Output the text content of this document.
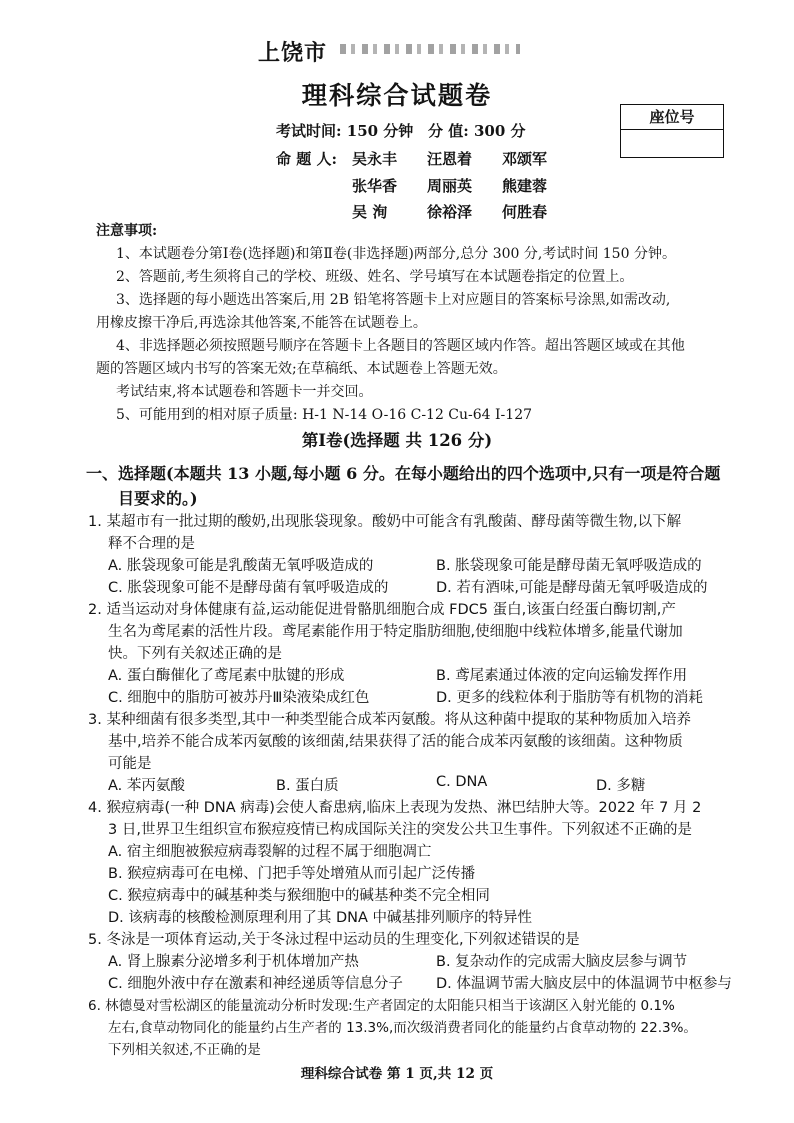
上饶市
理科综合试题卷
座位号
考试时间: 150 分钟 分 值: 300 分
命 题 人: 吴永丰 汪恩着 邓颂军
张华香 周丽英 熊建蓉
吴 洵	徐裕泽 何胜春
注意事项:
1、本试题卷分第Ⅰ卷(选择题)和第Ⅱ卷(非选择题)两部分,总分 300 分,考试时间 150 分钟。
2、答题前,考生须将自己的学校、班级、姓名、学号填写在本试题卷指定的位置上。
3、选择题的每小题选出答案后,用 2B 铅笔将答题卡上对应题目的答案标号涂黑,如需改动,
用橡皮擦干净后,再选涂其他答案,不能答在试题卷上。
4、非选择题必须按照题号顺序在答题卡上各题目的答题区域内作答。超出答题区域或在其他
题的答题区域内书写的答案无效;在草稿纸、本试题卷上答题无效。
考试结束,将本试题卷和答题卡一并交回。
5、可能用到的相对原子质量: H-1 N-14 O-16 C-12 Cu-64 I-127
第I卷(选择题 共 126 分)
一、选择题(本题共 13 小题,每小题 6 分。在每小题给出的四个选项中,只有一项是符合题
目要求的。)
1. 某超市有一批过期的酸奶,出现胀袋现象。酸奶中可能含有乳酸菌、酵母菌等微生物,以下解
释不合理的是
A. 胀袋现象可能是乳酸菌无氧呼吸造成的	B. 胀袋现象可能是酵母菌无氧呼吸造成的
C. 胀袋现象可能不是酵母菌有氧呼吸造成的	D. 若有酒味,可能是酵母菌无氧呼吸造成的
2. 适当运动对身体健康有益,运动能促进骨骼肌细胞合成 FDC5 蛋白,该蛋白经蛋白酶切割,产
生名为鸢尾素的活性片段。鸢尾素能作用于特定脂肪细胞,使细胞中线粒体增多,能量代谢加
快。下列有关叙述正确的是
A. 蛋白酶催化了鸢尾素中肽键的形成	B. 鸢尾素通过体液的定向运输发挥作用
C. 细胞中的脂肪可被苏丹Ⅲ染液染成红色	D. 更多的线粒体利于脂肪等有机物的消耗
3. 某种细菌有很多类型,其中一种类型能合成苯丙氨酸。将从这种菌中提取的某种物质加入培养
基中,培养不能合成苯丙氨酸的该细菌,结果获得了活的能合成苯丙氨酸的该细菌。这种物质
可能是
A. 苯丙氨酸	B. 蛋白质	C. DNA	D. 多糖
4. 猴痘病毒(一种 DNA 病毒)会使人畜患病,临床上表现为发热、淋巴结肿大等。2022 年 7 月 2
3 日,世界卫生组织宣布猴痘疫情已构成国际关注的突发公共卫生事件。下列叙述不正确的是
A. 宿主细胞被猴痘病毒裂解的过程不属于细胞凋亡
B. 猴痘病毒可在电梯、门把手等处增殖从而引起广泛传播
C. 猴痘病毒中的碱基种类与猴细胞中的碱基种类不完全相同
D. 该病毒的核酸检测原理利用了其 DNA 中碱基排列顺序的特异性
5. 冬泳是一项体育运动,关于冬泳过程中运动员的生理变化,下列叙述错误的是
A. 肾上腺素分泌增多利于机体增加产热	B. 复杂动作的完成需大脑皮层参与调节
C. 细胞外液中存在激素和神经递质等信息分子 D. 体温调节需大脑皮层中的体温调节中枢参与
6. 林德曼对雪松湖区的能量流动分析时发现:生产者固定的太阳能只相当于该湖区入射光能的 0.1%
左右,食草动物同化的能量约占生产者的 13.3%,而次级消费者同化的能量约占食草动物的 22.3%。
下列相关叙述,不正确的是
理科综合试卷 第 1 页,共 12 页
